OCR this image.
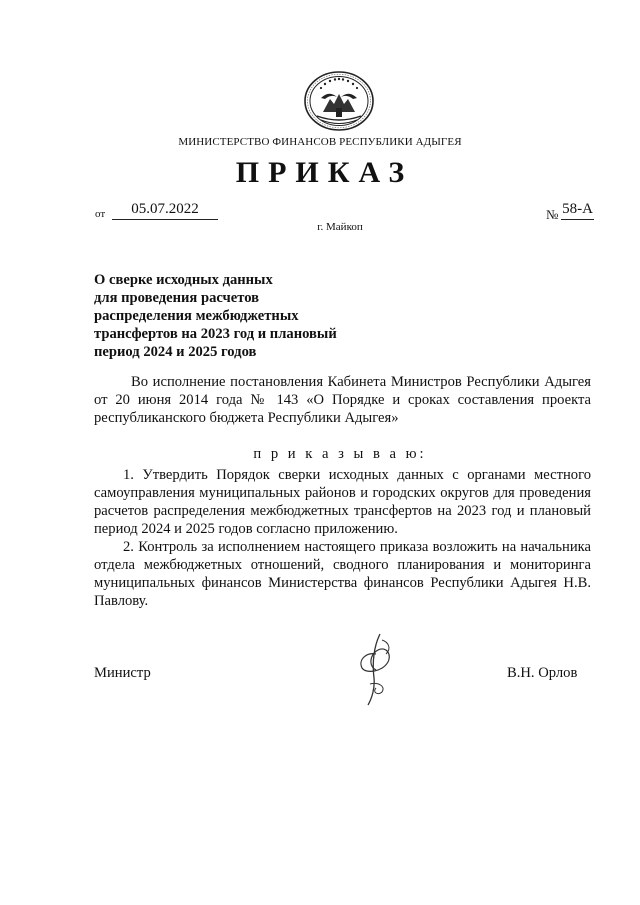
МИНИСТЕРСТВО ФИНАНСОВ РЕСПУБЛИКИ АДЫГЕЯ
ПРИКАЗ
от	05.07.2022	№ 58-А
г. Майкоп
О сверке исходных данных
для проведения расчетов
распределения межбюджетных
трансфертов на 2023 год и плановый
период 2024 и 2025 годов
Во исполнение постановления Кабинета Министров Республики Адыгея от 20 июня 2014 года № 143 «О Порядке и сроках составления проекта республиканского бюджета Республики Адыгея»
п р и к а з ы в а ю:
1. Утвердить Порядок сверки исходных данных с органами местного самоуправления муниципальных районов и городских округов для проведения расчетов распределения межбюджетных трансфертов на 2023 год и плановый период 2024 и 2025 годов согласно приложению.
2. Контроль за исполнением настоящего приказа возложить на начальника отдела межбюджетных отношений, сводного планирования и мониторинга муниципальных финансов Министерства финансов Республики Адыгея Н.В. Павлову.
Министр	В.Н. Орлов
